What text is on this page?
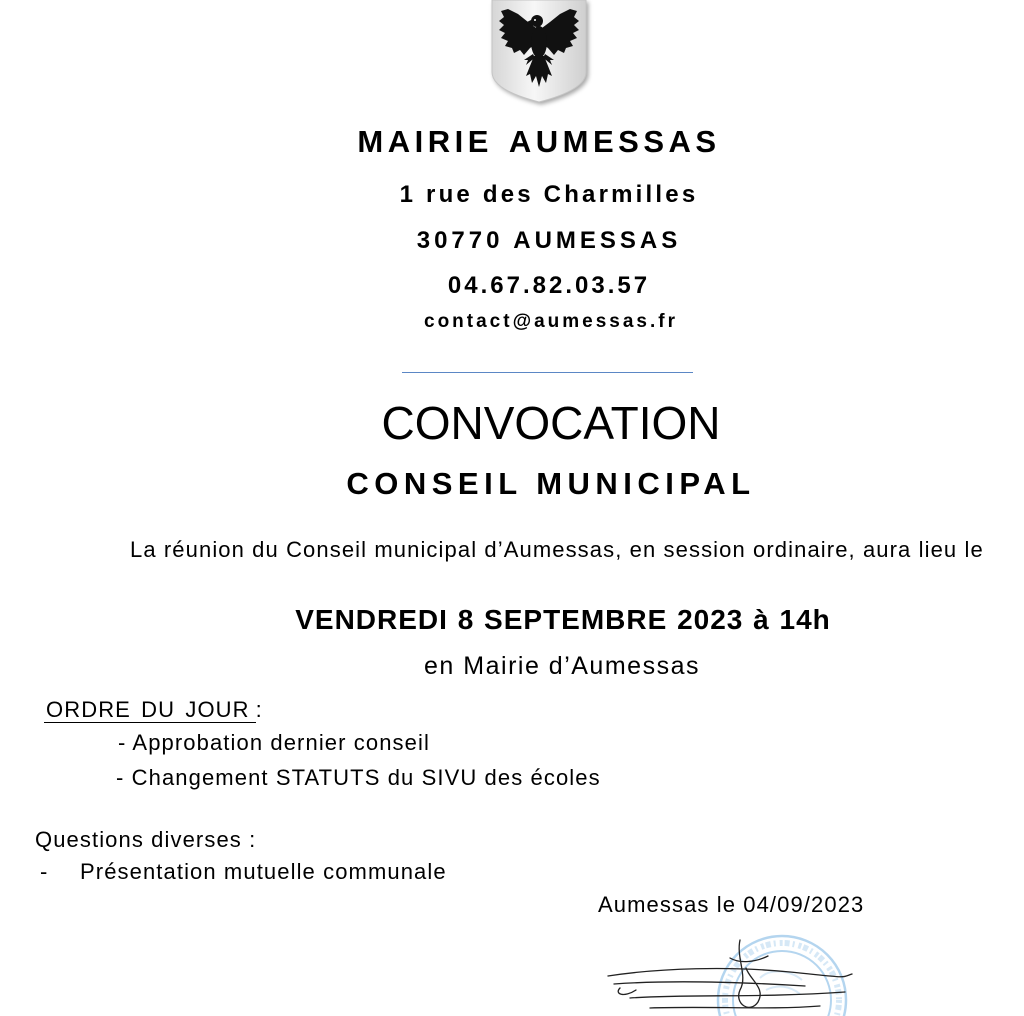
MAIRIE AUMESSAS
1 rue des Charmilles
30770 AUMESSAS
04.67.82.03.57
contact@aumessas.fr
CONVOCATION
CONSEIL MUNICIPAL
La réunion du Conseil municipal d’Aumessas, en session ordinaire, aura lieu le
VENDREDI 8 SEPTEMBRE 2023 à 14h
en Mairie d’Aumessas
ORDRE DU JOUR :
- Approbation dernier conseil
- Changement STATUTS du SIVU des écoles
Questions diverses :
- Présentation mutuelle communale
Aumessas le 04/09/2023
